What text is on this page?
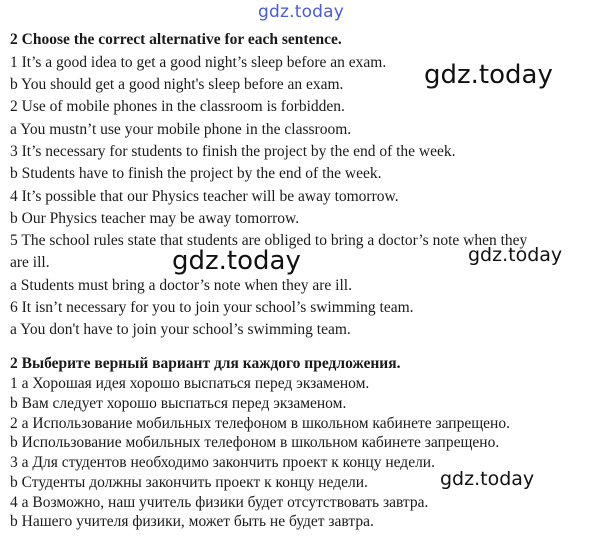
gdz.today
2 Choose the correct alternative for each sentence.
1 It’s a good idea to get a good night’s sleep before an exam.
b You should get a good night's sleep before an exam.
2 Use of mobile phones in the classroom is forbidden.
a You mustn’t use your mobile phone in the classroom.
3 It’s necessary for students to finish the project by the end of the week.
b Students have to finish the project by the end of the week.
4 It’s possible that our Physics teacher will be away tomorrow.
b Our Physics teacher may be away tomorrow.
5 The school rules state that students are obliged to bring a doctor’s note when they
are ill.
a Students must bring a doctor’s note when they are ill.
6 It isn’t necessary for you to join your school’s swimming team.
a You don't have to join your school’s swimming team.
2 Выберите верный вариант для каждого предложения.
1 а Хорошая идея хорошо выспаться перед экзаменом.
b Вам следует хорошо выспаться перед экзаменом.
2 а Использование мобильных телефоном в школьном кабинете запрещено.
b Использование мобильных телефоном в школьном кабинете запрещено.
3 а Для студентов необходимо закончить проект к концу недели.
b Студенты должны закончить проект к концу недели.
4 а Возможно, наш учитель физики будет отсутствовать завтра.
b Нашего учителя физики, может быть не будет завтра.
gdz.today
gdz.today	gdz.today
gdz.today
